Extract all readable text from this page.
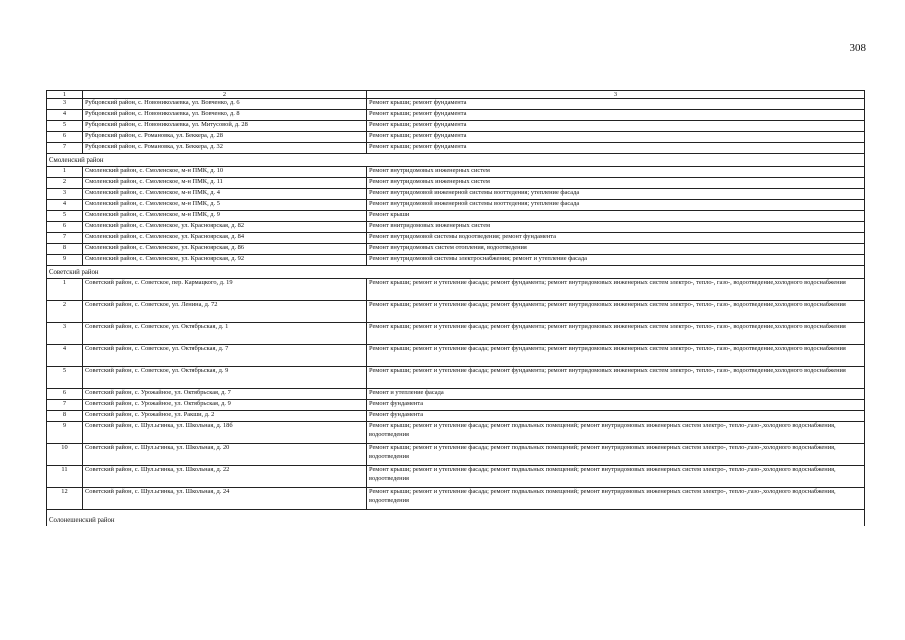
308
1	2	3
3	Рубцовский район, с. Новониколаевка, ул. Вовченко, д. 6	Ремонт крыши; ремонт фундамента
4	Рубцовский район, с. Новониколаевка, ул. Вовченко, д. 8	Ремонт крыши; ремонт фундамента
5	Рубцовский район, с. Новониколаевка, ул. Митусовой, д. 28	Ремонт крыши; ремонт фундамента
6	Рубцовский район, с. Романовка, ул. Беккера, д. 28	Ремонт крыши; ремонт фундамента
7	Рубцовский район, с. Романовка, ул. Беккера, д. 32	Ремонт крыши; ремонт фундамента

Смоленский район		

1	Смоленский район, с. Смоленское, м-н ПМК, д. 10	Ремонт внутридомовых инженерных систем
2	Смоленский район, с. Смоленское, м-н ПМК, д. 11	Ремонт внутридомовых инженерных систем
3	Смоленский район, с. Смоленское, м-н ПМК, д. 4	Ремонт внутридомовой инженерной системы вооттедения; утепление фасада
4	Смоленский район, с. Смоленское, м-н ПМК, д. 5	Ремонт внутридомовой инженерной системы вооттедения; утепление фасада
5	Смоленский район, с. Смоленское, м-н ПМК, д. 9	Ремонт крыши
6	Смоленский район, с. Смоленское, ул. Красноярская, д. 82	Ремонт внитридомовых инженерных систем
7	Смоленский район, с. Смоленское, ул. Красноярская, д. 84	Ремонт внутридомовой системы водоотведения; ремонт фундамента
8	Смоленский район, с. Смоленское, ул. Красноярская, д. 86	Ремонт внутридомовых систем отопления, водоотведения
9	Смоленский район, с. Смоленское, ул. Красноярская, д. 92	Ремонт внутридомовой системы электроснабжения; ремонт и утепление фасада

Советский район		

1	Советский район, с. Советское, пер. Кармацкого, д. 19	Ремонт крыши; ремонт и утепление фасада; ремонт фундамента; ремонт внутридомовых инженерных систем электро-, тепло-, газо-, водоотведение,холодного водоснабжения
2	Советский район, с. Советское, ул. Ленина, д. 72	Ремонт крыши; ремонт и утепление фасада; ремонт фундамента; ремонт внутридомовых инженерных систем электро-, тепло-, газо-, водоотведение,холодного водоснабжения
3	Советский район, с. Советское, ул. Октябрьская, д. 1	Ремонт крыши; ремонт и утепление фасада; ремонт фундамента; ремонт внутридомовых инженерных систем электро-, тепло-, газо-, водоотведение,холодного водоснабжения
4	Советский район, с. Советское, ул. Октябрьская, д. 7	Ремонт крыши; ремонт и утепление фасада; ремонт фундамента; ремонт внутридомовых инженерных систем электро-, тепло-, газо-, водоотведение,холодного водоснабжения
5	Советский район, с. Советское, ул. Октябрьская, д. 9	Ремонт крыши; ремонт и утепление фасада; ремонт фундамента; ремонт внутридомовых инженерных систем электро-, тепло-, газо-, водоотведение,холодного водоснабжения
6	Советский район, с. Урожайное, ул. Октябрьская, д. 7	Ремонт и утепление фасада
7	Советский район, с. Урожайное, ул. Октябрьская, д. 9	Ремонт фундамента
8	Советский район, с. Урожайное, ул. Ракши, д. 2	Ремонт фундамента
9	Советский район, с. Шул.ьгинка, ул. Школьная, д. 18б	Ремонт крыши; ремонт и утепление фасада; ремонт подвальных помещений; ремонт внутридомовых инженерных систем электро-, тепло-,газо-,холодного водоснабжения, водоотведения
10	Советский район, с. Шул.ьгинка, ул. Школьная, д. 20	Ремонт крыши; ремонт и утепление фасада; ремонт подвальных помещений; ремонт внутридомовых инженерных систем электро-, тепло-,газо-,холодного водоснабжения, водоотведения
11	Советский район, с. Шул.ьгинка, ул. Школьная, д. 22	Ремонт крыши; ремонт и утепление фасада; ремонт подвальных помещений; ремонт внутридомовых инженерных систем электро-, тепло-,газо-,холодного водоснабжения, водоотведения
12	Советский район, с. Шул.ьгинка, ул. Школьная, д. 24	Ремонт крыши; ремонт и утепление фасада; ремонт подвальных помещений; ремонт внутридомовых инженерных систем электро-, тепло-,газо-,холодного водоснабжения, водоотведения

Солонешенский район		
